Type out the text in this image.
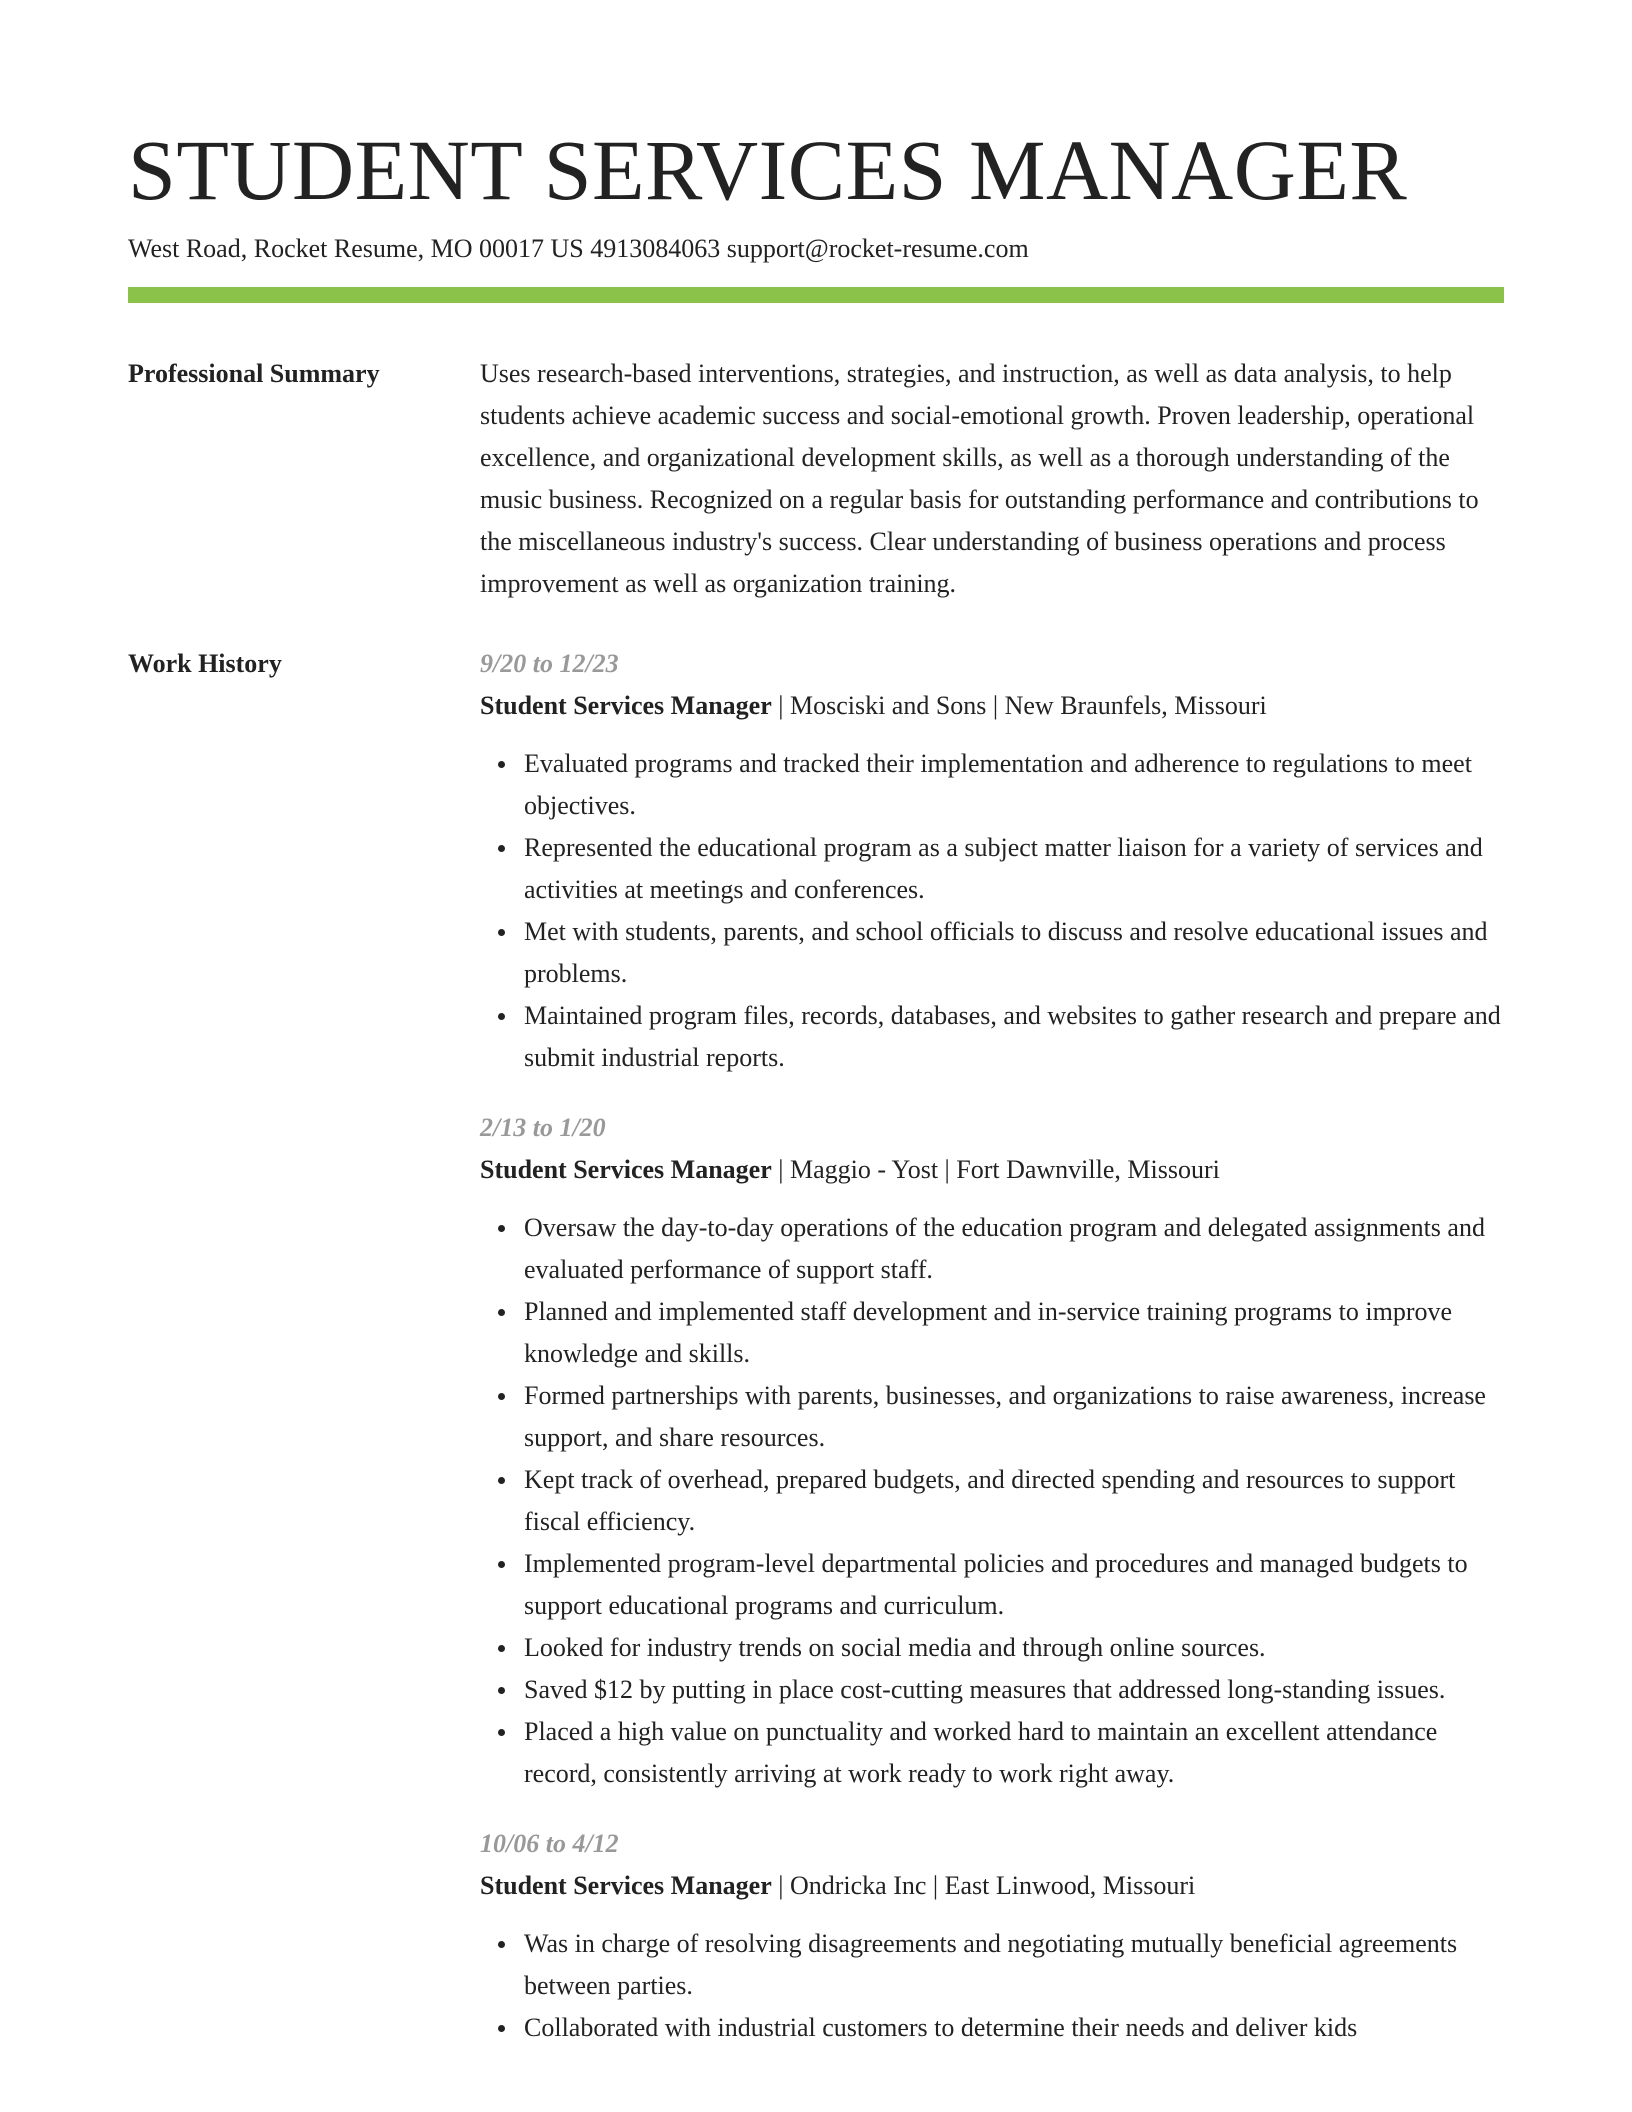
STUDENT SERVICES MANAGER
West Road, Rocket Resume, MO 00017 US 4913084063 support@rocket-resume.com
Professional Summary	Uses research-based interventions, strategies, and instruction, as well as data analysis, to help students achieve academic success and social-emotional growth. Proven leadership, operational excellence, and organizational development skills, as well as a thorough understanding of the music business. Recognized on a regular basis for outstanding performance and contributions to the miscellaneous industry's success. Clear understanding of business operations and process improvement as well as organization training.

Work History	9/20 to 12/23
Student Services Manager | Mosciski and Sons | New Braunfels, Missouri
Evaluated programs and tracked their implementation and adherence to regulations to meet objectives.
Represented the educational program as a subject matter liaison for a variety of services and activities at meetings and conferences.
Met with students, parents, and school officials to discuss and resolve educational issues and problems.
Maintained program files, records, databases, and websites to gather research and prepare and submit industrial reports.
2/13 to 1/20
Student Services Manager | Maggio - Yost | Fort Dawnville, Missouri
Oversaw the day-to-day operations of the education program and delegated assignments and evaluated performance of support staff.
Planned and implemented staff development and in-service training programs to improve knowledge and skills.
Formed partnerships with parents, businesses, and organizations to raise awareness, increase support, and share resources.
Kept track of overhead, prepared budgets, and directed spending and resources to support fiscal efficiency.
Implemented program-level departmental policies and procedures and managed budgets to support educational programs and curriculum.
Looked for industry trends on social media and through online sources.
Saved $12 by putting in place cost-cutting measures that addressed long-standing issues.
Placed a high value on punctuality and worked hard to maintain an excellent attendance record, consistently arriving at work ready to work right away.
10/06 to 4/12
Student Services Manager | Ondricka Inc | East Linwood, Missouri
Was in charge of resolving disagreements and negotiating mutually beneficial agreements between parties.
Collaborated with industrial customers to determine their needs and deliver kids
